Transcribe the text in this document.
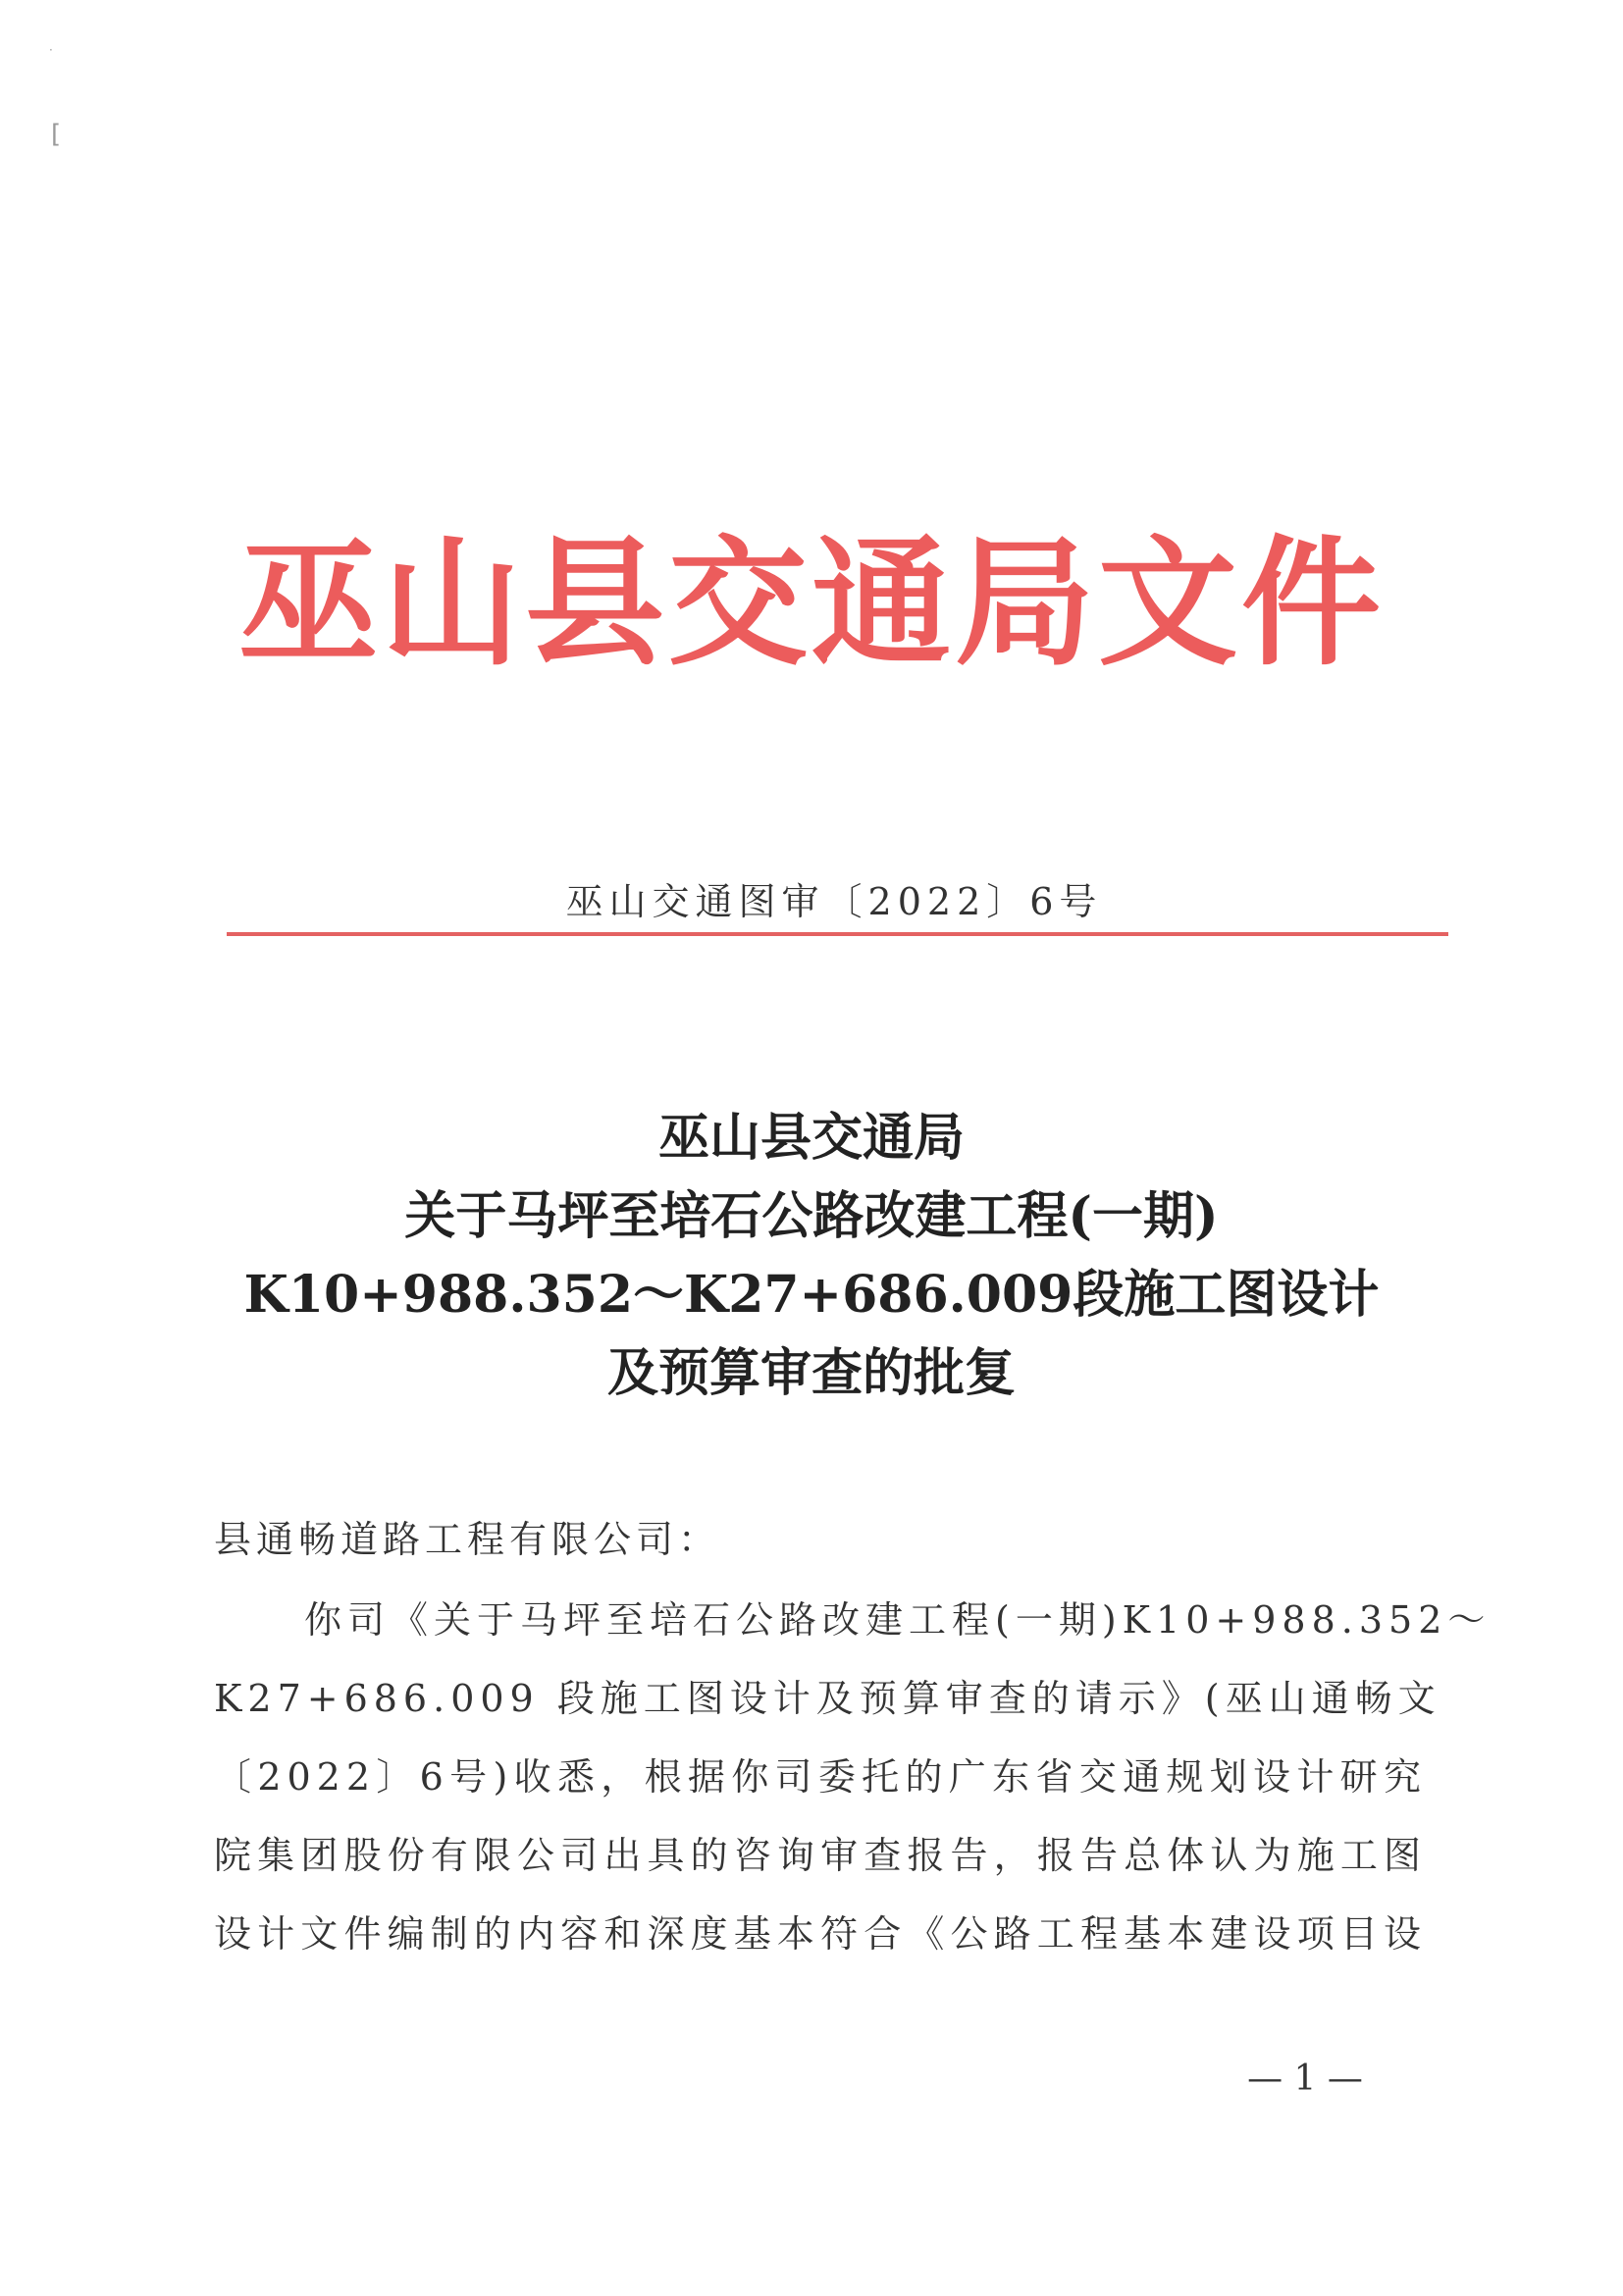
·
[
巫山县交通局文件
巫山交通图审〔2022〕6号
巫山县交通局
关于马坪至培石公路改建工程(一期)
K10+988.352～K27+686.009段施工图设计
及预算审查的批复
县通畅道路工程有限公司：
你司《关于马坪至培石公路改建工程(一期)K10+988.352～
K27+686.009 段施工图设计及预算审查的请示》(巫山通畅文
〔2022〕6号)收悉，根据你司委托的广东省交通规划设计研究
院集团股份有限公司出具的咨询审查报告，报告总体认为施工图
设计文件编制的内容和深度基本符合《公路工程基本建设项目设
— 1 —
